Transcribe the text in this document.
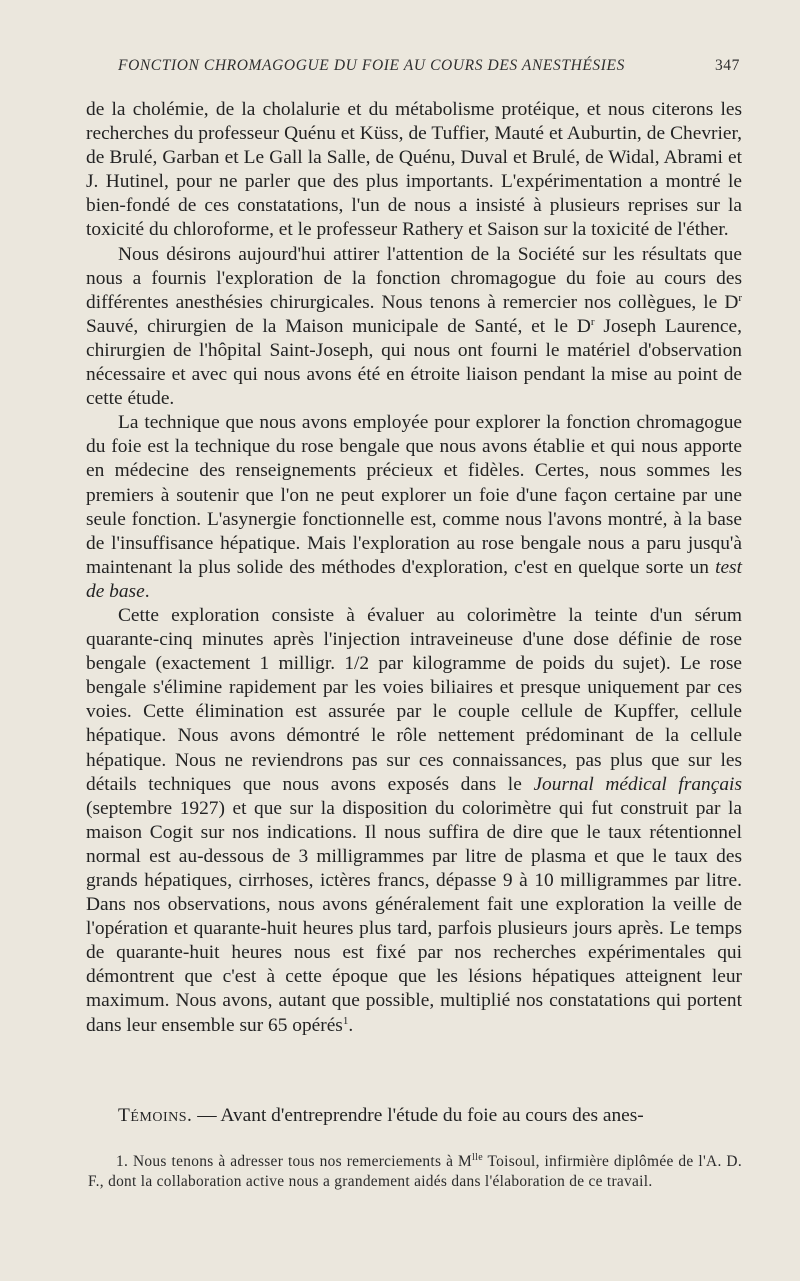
FONCTION CHROMAGOGUE DU FOIE AU COURS DES ANESTHÉSIES	347

de la cholémie, de la cholalurie et du métabolisme protéique, et nous citerons les recherches du professeur Quénu et Küss, de Tuffier, Mauté et Auburtin, de Chevrier, de Brulé, Garban et Le Gall la Salle, de Quénu, Duval et Brulé, de Widal, Abrami et J. Hutinel, pour ne parler que des plus importants. L'expérimentation a montré le bien-fondé de ces constatations, l'un de nous a insisté à plusieurs reprises sur la toxicité du chloroforme, et le professeur Rathery et Saison sur la toxicité de l'éther.

Nous désirons aujourd'hui attirer l'attention de la Société sur les résultats que nous a fournis l'exploration de la fonction chromagogue du foie au cours des différentes anesthésies chirurgicales. Nous tenons à remercier nos collègues, le $D^r$ Sauvé, chirurgien de la Maison municipale de Santé, et le $D^r$ Joseph Laurence, chirurgien de l'hôpital Saint-Joseph, qui nous ont fourni le matériel d'observation nécessaire et avec qui nous avons été en étroite liaison pendant la mise au point de cette étude.

La technique que nous avons employée pour explorer la fonction chromagogue du foie est la technique du rose bengale que nous avons établie et qui nous apporte en médecine des renseignements précieux et fidèles. Certes, nous sommes les premiers à soutenir que l'on ne peut explorer un foie d'une façon certaine par une seule fonction. L'asynergie fonctionnelle est, comme nous l'avons montré, à la base de l'insuffisance hépatique. Mais l'exploration au rose bengale nous a paru jusqu'à maintenant la plus solide des méthodes d'exploration, c'est en quelque sorte un test de base.

Cette exploration consiste à évaluer au colorimètre la teinte d'un sérum quarante-cinq minutes après l'injection intraveineuse d'une dose définie de rose bengale (exactement 1 milligr. 1/2 par kilogramme de poids du sujet). Le rose bengale s'élimine rapidement par les voies biliaires et presque uniquement par ces voies. Cette élimination est assurée par le couple cellule de Kupffer, cellule hépatique. Nous avons démontré le rôle nettement prédominant de la cellule hépatique. Nous ne reviendrons pas sur ces connaissances, pas plus que sur les détails techniques que nous avons exposés dans le Journal médical français (septembre 1927) et que sur la disposition du colorimètre qui fut construit par la maison Cogit sur nos indications. Il nous suffira de dire que le taux rétentionnel normal est au-dessous de 3 milligrammes par litre de plasma et que le taux des grands hépatiques, cirrhoses, ictères francs, dépasse 9 à 10 milligrammes par litre. Dans nos observations, nous avons généralement fait une exploration la veille de l'opération et quarante-huit heures plus tard, parfois plusieurs jours après. Le temps de quarante-huit heures nous est fixé par nos recherches expérimentales qui démontrent que c'est à cette époque que les lésions hépatiques atteignent leur maximum. Nous avons, autant que possible, multiplié nos constatations qui portent dans leur ensemble sur 65 opérés$^1$.

Témoins. — Avant d'entreprendre l'étude du foie au cours des anes-
1. Nous tenons à adresser tous nos remerciements à $M^{lle}$ Toisoul, infirmière diplômée de l'A. D. F., dont la collaboration active nous a grandement aidés dans l'élaboration de ce travail.
